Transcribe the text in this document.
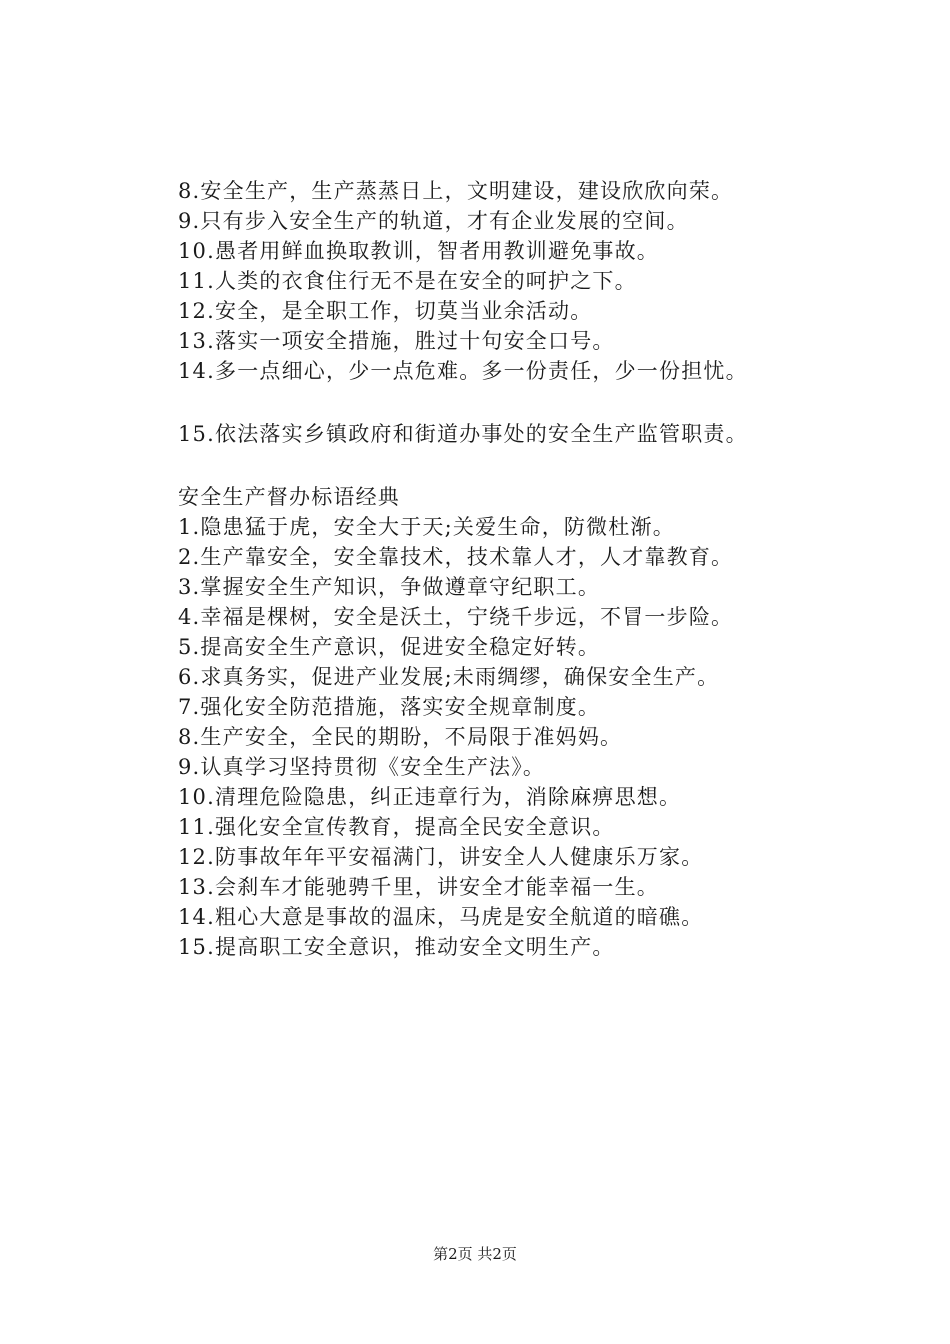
8.安全生产，生产蒸蒸日上，文明建设，建设欣欣向荣。
9.只有步入安全生产的轨道，才有企业发展的空间。
10.愚者用鲜血换取教训，智者用教训避免事故。
11.人类的衣食住行无不是在安全的呵护之下。
12.安全，是全职工作，切莫当业余活动。
13.落实一项安全措施，胜过十句安全口号。
14.多一点细心，少一点危难。多一份责任，少一份担忧。
15.依法落实乡镇政府和街道办事处的安全生产监管职责。
安全生产督办标语经典
1.隐患猛于虎，安全大于天;关爱生命，防微杜渐。
2.生产靠安全，安全靠技术，技术靠人才，人才靠教育。
3.掌握安全生产知识，争做遵章守纪职工。
4.幸福是棵树，安全是沃土，宁绕千步远，不冒一步险。
5.提高安全生产意识，促进安全稳定好转。
6.求真务实，促进产业发展;未雨绸缪，确保安全生产。
7.强化安全防范措施，落实安全规章制度。
8.生产安全，全民的期盼，不局限于准妈妈。
9.认真学习坚持贯彻《安全生产法》。
10.清理危险隐患，纠正违章行为，消除麻痹思想。
11.强化安全宣传教育，提高全民安全意识。
12.防事故年年平安福满门，讲安全人人健康乐万家。
13.会刹车才能驰骋千里，讲安全才能幸福一生。
14.粗心大意是事故的温床，马虎是安全航道的暗礁。
15.提高职工安全意识，推动安全文明生产。
第2页 共2页
